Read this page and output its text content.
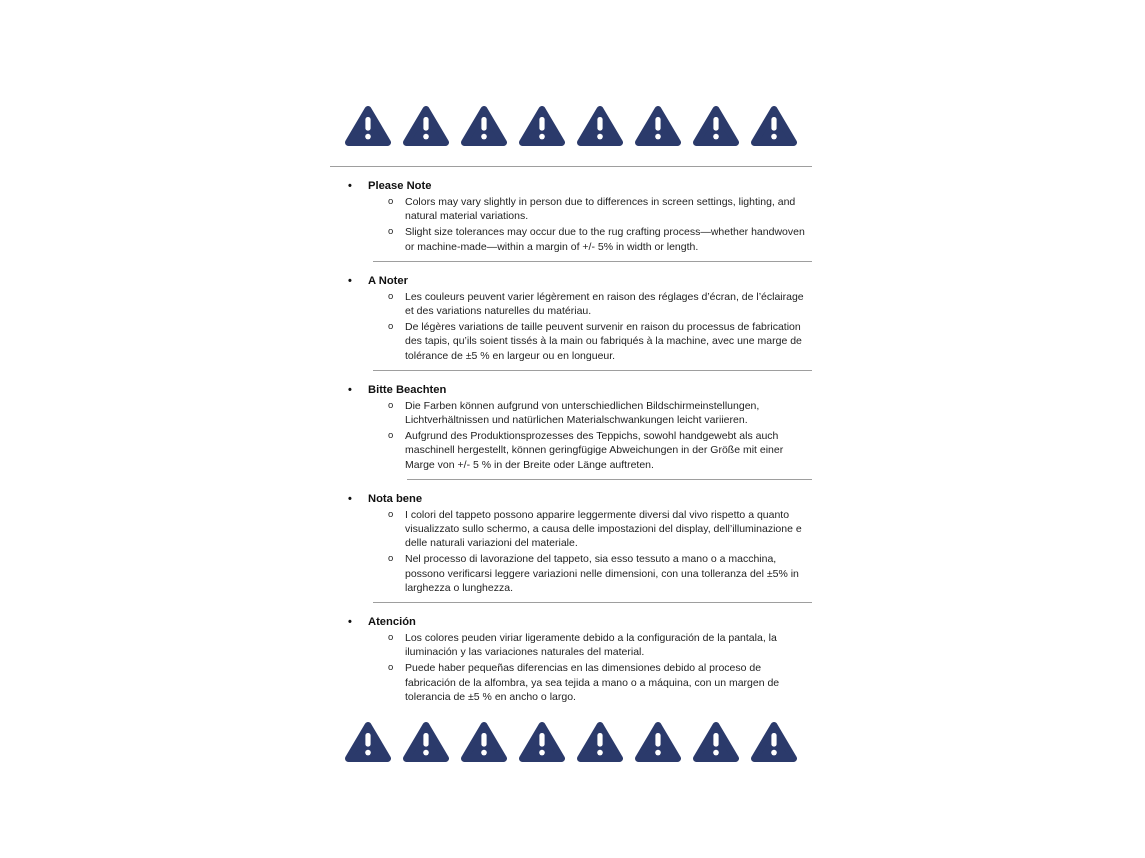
•	Please Note
o	Colors may vary slightly in person due to differences in screen settings, lighting, and natural material variations.
o	Slight size tolerances may occur due to the rug crafting process—whether handwoven or machine-made—within a margin of +/- 5% in width or length.
•	A Noter
o	Les couleurs peuvent varier légèrement en raison des réglages d’écran, de l’éclairage et des variations naturelles du matériau.
o	De légères variations de taille peuvent survenir en raison du processus de fabrication des tapis, qu’ils soient tissés à la main ou fabriqués à la machine, avec une marge de tolérance de ±5 % en largeur ou en longueur.
•	Bitte Beachten
o	Die Farben können aufgrund von unterschiedlichen Bildschirmeinstellungen, Lichtverhältnissen und natürlichen Materialschwankungen leicht variieren.
o	Aufgrund des Produktionsprozesses des Teppichs, sowohl handgewebt als auch maschinell hergestellt, können geringfügige Abweichungen in der Größe mit einer Marge von +/- 5 % in der Breite oder Länge auftreten.
•	Nota bene
o	I colori del tappeto possono apparire leggermente diversi dal vivo rispetto a quanto visualizzato sullo schermo, a causa delle impostazioni del display, dell’illuminazione e delle naturali variazioni del materiale.
o	Nel processo di lavorazione del tappeto, sia esso tessuto a mano o a macchina, possono verificarsi leggere variazioni nelle dimensioni, con una tolleranza del ±5% in larghezza o lunghezza.
•	Atención
o	Los colores peuden viriar ligeramente debido a la configuración de la pantala, la iluminación y las variaciones naturales del material.
o	Puede haber pequeñas diferencias en las dimensiones debido al proceso de fabricación de la alfombra, ya sea tejida a mano o a máquina, con un margen de tolerancia de ±5 % en ancho o largo.
